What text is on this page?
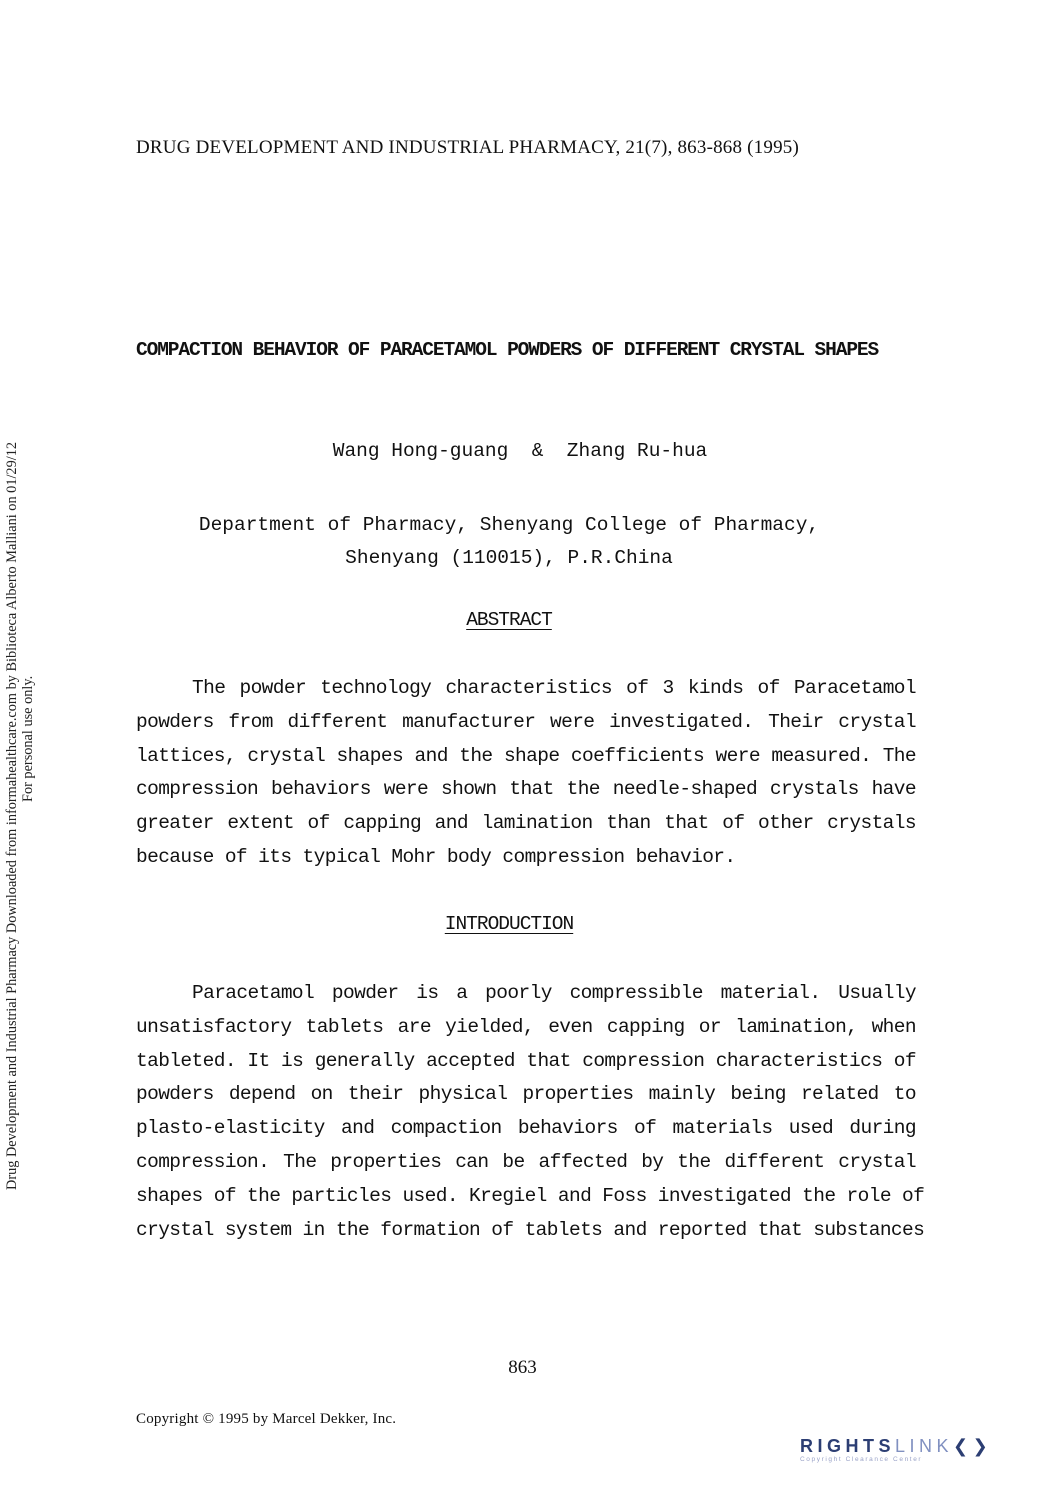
DRUG DEVELOPMENT AND INDUSTRIAL PHARMACY, 21(7), 863-868 (1995)
Drug Development and Industrial Pharmacy Downloaded from informahealthcare.com by Biblioteca Alberto Malliani on 01/29/12 For personal use only.
COMPACTION BEHAVIOR OF PARACETAMOL POWDERS OF DIFFERENT CRYSTAL SHAPES
Wang Hong-guang  &  Zhang Ru-hua
Department of Pharmacy, Shenyang College of Pharmacy,
Shenyang (110015), P.R.China
ABSTRACT
The powder technology characteristics of 3 kinds of Paracetamol
powders from different manufacturer were investigated. Their crystal
lattices, crystal shapes and the shape coefficients were measured. The
compression behaviors were shown that the needle-shaped crystals have
greater extent of capping and lamination than that of other crystals
because of its typical Mohr body compression behavior.
INTRODUCTION
Paracetamol powder is a poorly compressible material. Usually
unsatisfactory tablets are yielded, even capping or lamination, when
tableted. It is generally accepted that compression characteristics of
powders depend on their physical properties mainly being related to
plasto-elasticity and compaction behaviors of materials used during
compression. The properties can be affected by the different crystal
shapes of the particles used. Kregiel and Foss investigated the role of
crystal system in the formation of tablets and reported that substances
863
Copyright © 1995 by Marcel Dekker, Inc.
RIGHTSLINK❮❯
Copyright Clearance Center
